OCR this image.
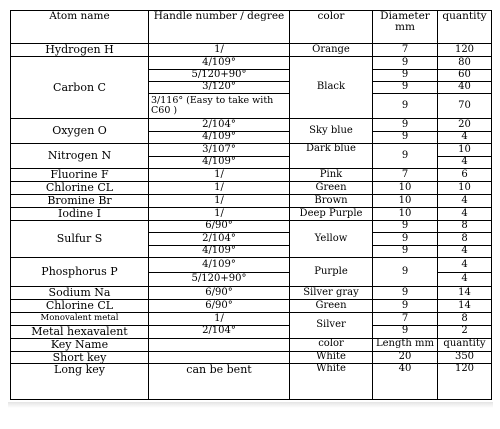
Atom name	Handle number / degree	color	Diameter mm	quantity
Hydrogen H	1/	Orange	7	120
Carbon C	4/109°	Black	9	80
	5/120+90°		9	60
	3/120°		9	40
	3/116° (Easy to take with C60 )		9	70
Oxygen O	2/104°	Sky blue	9	20
	4/109°		9	4
Nitrogen N	3/107°	Dark blue	9	10
	4/109°			4
Fluorine F	1/	Pink	7	6
Chlorine CL	1/	Green	10	10
Bromine Br	1/	Brown	10	4
Iodine I	1/	Deep Purple	10	4
Sulfur S	6/90°	Yellow	9	8
	2/104°		9	8
	4/109°		9	4
Phosphorus P	4/109°	Purple	9	4
	5/120+90°			4
Sodium Na	6/90°	Silver gray	9	14
Chlorine CL	6/90°	Green	9	14
Monovalent metal	1/	Silver	7	8
Metal hexavalent	2/104°		9	2
Key Name		color	Length mm	quantity
Short key		White	20	350
Long key	can be bent	White	40	120
